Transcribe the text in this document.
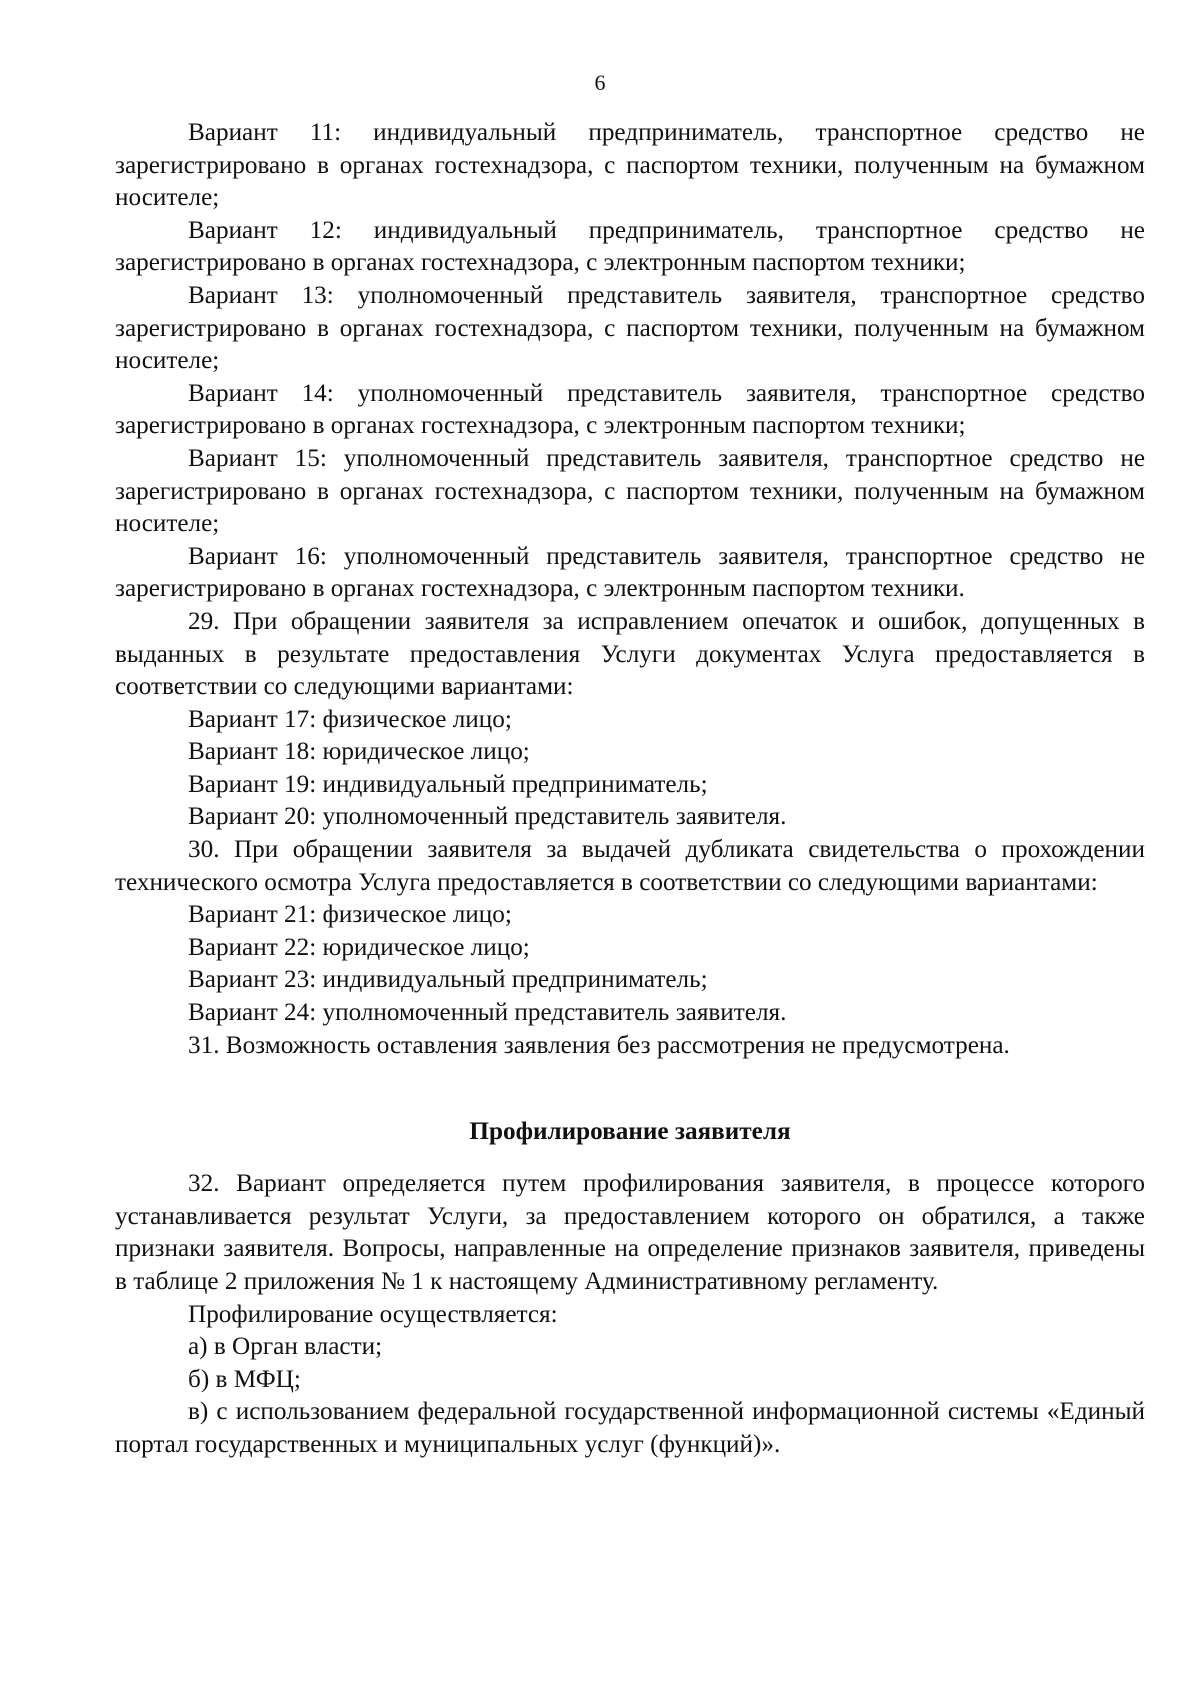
6

Вариант 11: индивидуальный предприниматель, транспортное средство не зарегистрировано в органах гостехнадзора, с паспортом техники, полученным на бумажном носителе;

Вариант 12: индивидуальный предприниматель, транспортное средство не зарегистрировано в органах гостехнадзора, с электронным паспортом техники;

Вариант 13: уполномоченный представитель заявителя, транспортное средство зарегистрировано в органах гостехнадзора, с паспортом техники, полученным на бумажном носителе;

Вариант 14: уполномоченный представитель заявителя, транспортное средство зарегистрировано в органах гостехнадзора, с электронным паспортом техники;

Вариант 15: уполномоченный представитель заявителя, транспортное средство не зарегистрировано в органах гостехнадзора, с паспортом техники, полученным на бумажном носителе;

Вариант 16: уполномоченный представитель заявителя, транспортное средство не зарегистрировано в органах гостехнадзора, с электронным паспортом техники.

29. При обращении заявителя за исправлением опечаток и ошибок, допущенных в выданных в результате предоставления Услуги документах Услуга предоставляется в соответствии со следующими вариантами:

Вариант 17: физическое лицо;

Вариант 18: юридическое лицо;

Вариант 19: индивидуальный предприниматель;

Вариант 20: уполномоченный представитель заявителя.

30. При обращении заявителя за выдачей дубликата свидетельства о прохождении технического осмотра Услуга предоставляется в соответствии со следующими вариантами:

Вариант 21: физическое лицо;

Вариант 22: юридическое лицо;

Вариант 23: индивидуальный предприниматель;

Вариант 24: уполномоченный представитель заявителя.

31. Возможность оставления заявления без рассмотрения не предусмотрена.

Профилирование заявителя

32. Вариант определяется путем профилирования заявителя, в процессе которого устанавливается результат Услуги, за предоставлением которого он обратился, а также признаки заявителя. Вопросы, направленные на определение признаков заявителя, приведены в таблице 2 приложения № 1 к настоящему Административному регламенту.

Профилирование осуществляется:

а) в Орган власти;

б) в МФЦ;

в) с использованием федеральной государственной информационной системы «Единый портал государственных и муниципальных услуг (функций)».
